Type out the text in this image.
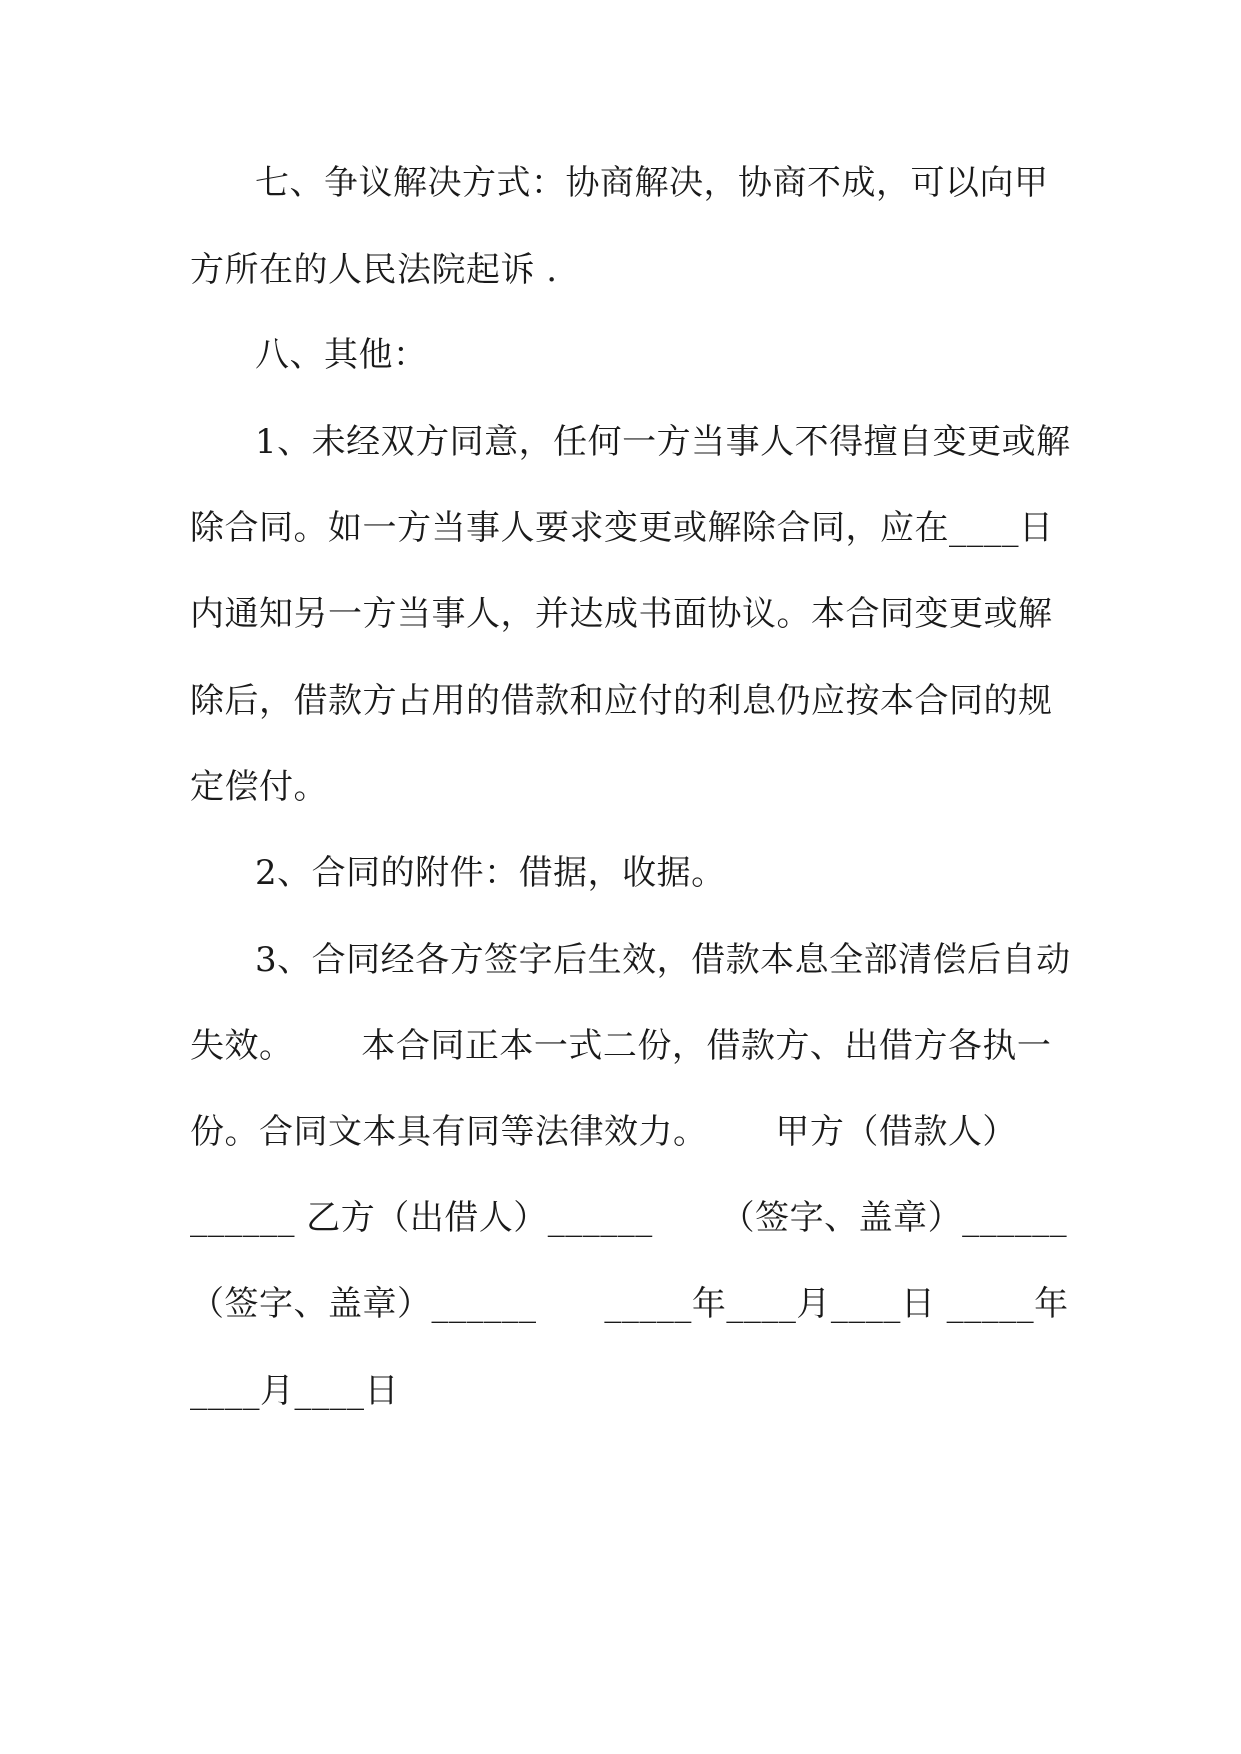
七、争议解决方式：协商解决，协商不成，可以向甲
方所在的人民法院起诉 .
八、其他：
1、未经双方同意，任何一方当事人不得擅自变更或解
除合同。如一方当事人要求变更或解除合同，应在____日
内通知另一方当事人，并达成书面协议。本合同变更或解
除后，借款方占用的借款和应付的利息仍应按本合同的规
定偿付。
2、合同的附件：借据，收据。
3、合同经各方签字后生效，借款本息全部清偿后自动
失效。      本合同正本一式二份，借款方、出借方各执一
份。合同文本具有同等法律效力。      甲方（借款人）
______ 乙方（出借人）______      （签字、盖章）______
（签字、盖章）______      _____年____月____日 _____年
____月____日
